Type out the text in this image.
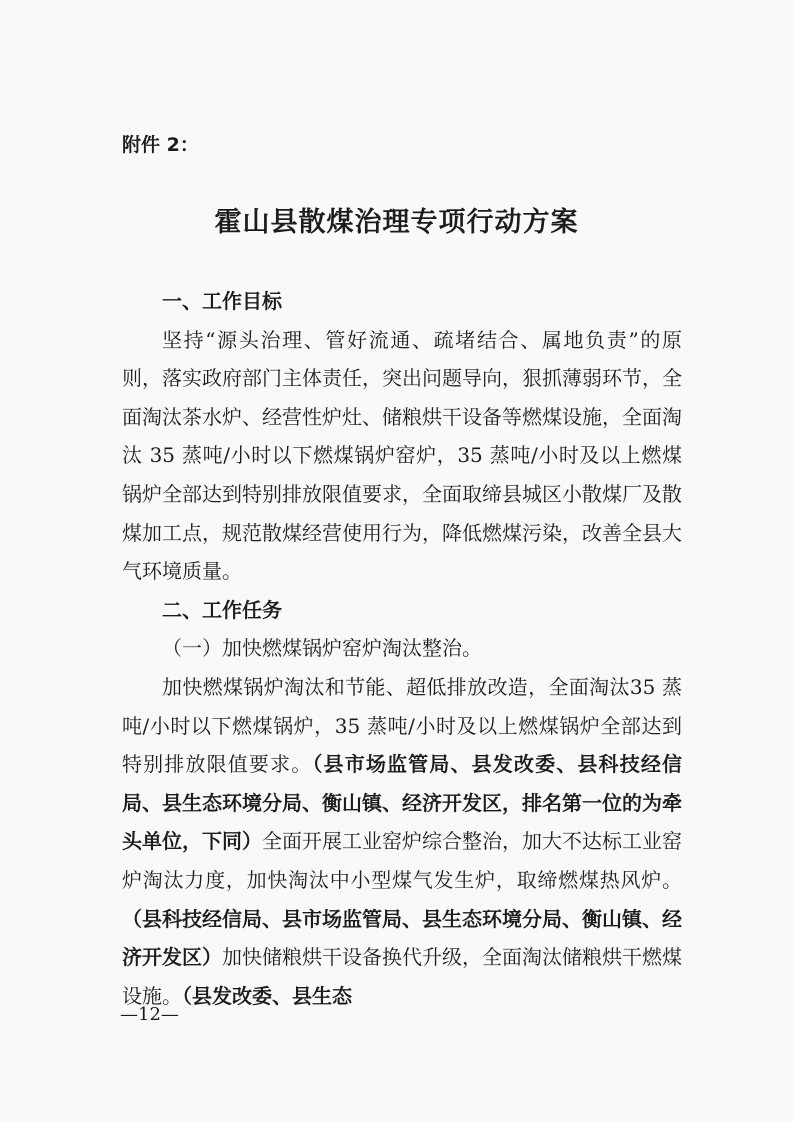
附件 2：
霍山县散煤治理专项行动方案
一、工作目标

坚持“源头治理、管好流通、疏堵结合、属地负责”的原则，落实政府部门主体责任，突出问题导向，狠抓薄弱环节，全面淘汰茶水炉、经营性炉灶、储粮烘干设备等燃煤设施，全面淘汰 35 蒸吨/小时以下燃煤锅炉窑炉，35 蒸吨/小时及以上燃煤锅炉全部达到特别排放限值要求，全面取缔县城区小散煤厂及散煤加工点，规范散煤经营使用行为，降低燃煤污染，改善全县大气环境质量。

二、工作任务
（一）加快燃煤锅炉窑炉淘汰整治。

加快燃煤锅炉淘汰和节能、超低排放改造，全面淘汰35 蒸吨/小时以下燃煤锅炉，35 蒸吨/小时及以上燃煤锅炉全部达到特别排放限值要求。（县市场监管局、县发改委、县科技经信局、县生态环境分局、衡山镇、经济开发区，排名第一位的为牵头单位，下同）全面开展工业窑炉综合整治，加大不达标工业窑炉淘汰力度，加快淘汰中小型煤气发生炉，取缔燃煤热风炉。（县科技经信局、县市场监管局、县生态环境分局、衡山镇、经济开发区）加快储粮烘干设备换代升级，全面淘汰储粮烘干燃煤设施。（县发改委、县生态

—12—
